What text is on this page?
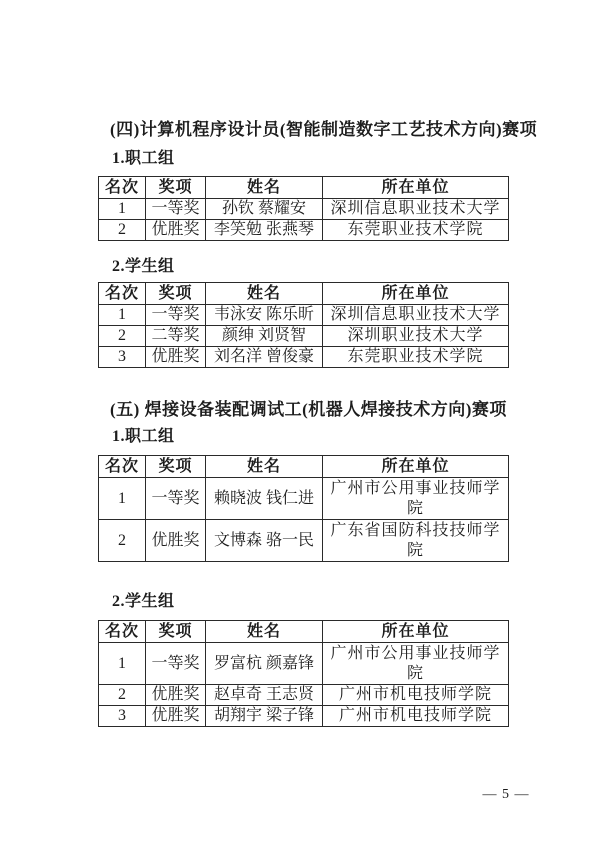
(四)计算机程序设计员(智能制造数字工艺技术方向)赛项
1.职工组
名次	奖项	姓名	所在单位
1	一等奖	孙钦 蔡耀安	深圳信息职业技术大学
2	优胜奖	李笑勉 张燕琴	东莞职业技术学院
2.学生组
名次	奖项	姓名	所在单位
1	一等奖	韦泳安 陈乐昕	深圳信息职业技术大学
2	二等奖	颜绅 刘贤智	深圳职业技术大学
3	优胜奖	刘名洋 曾俊豪	东莞职业技术学院
(五) 焊接设备装配调试工(机器人焊接技术方向)赛项
1.职工组
名次	奖项	姓名	所在单位
1	一等奖	赖晓波 钱仁进	广州市公用事业技师学院
2	优胜奖	文博森 骆一民	广东省国防科技技师学院
2.学生组
名次	奖项	姓名	所在单位
1	一等奖	罗富杭 颜嘉锋	广州市公用事业技师学院
2	优胜奖	赵卓奇 王志贤	广州市机电技师学院
3	优胜奖	胡翔宇 梁子锋	广州市机电技师学院
— 5 —
